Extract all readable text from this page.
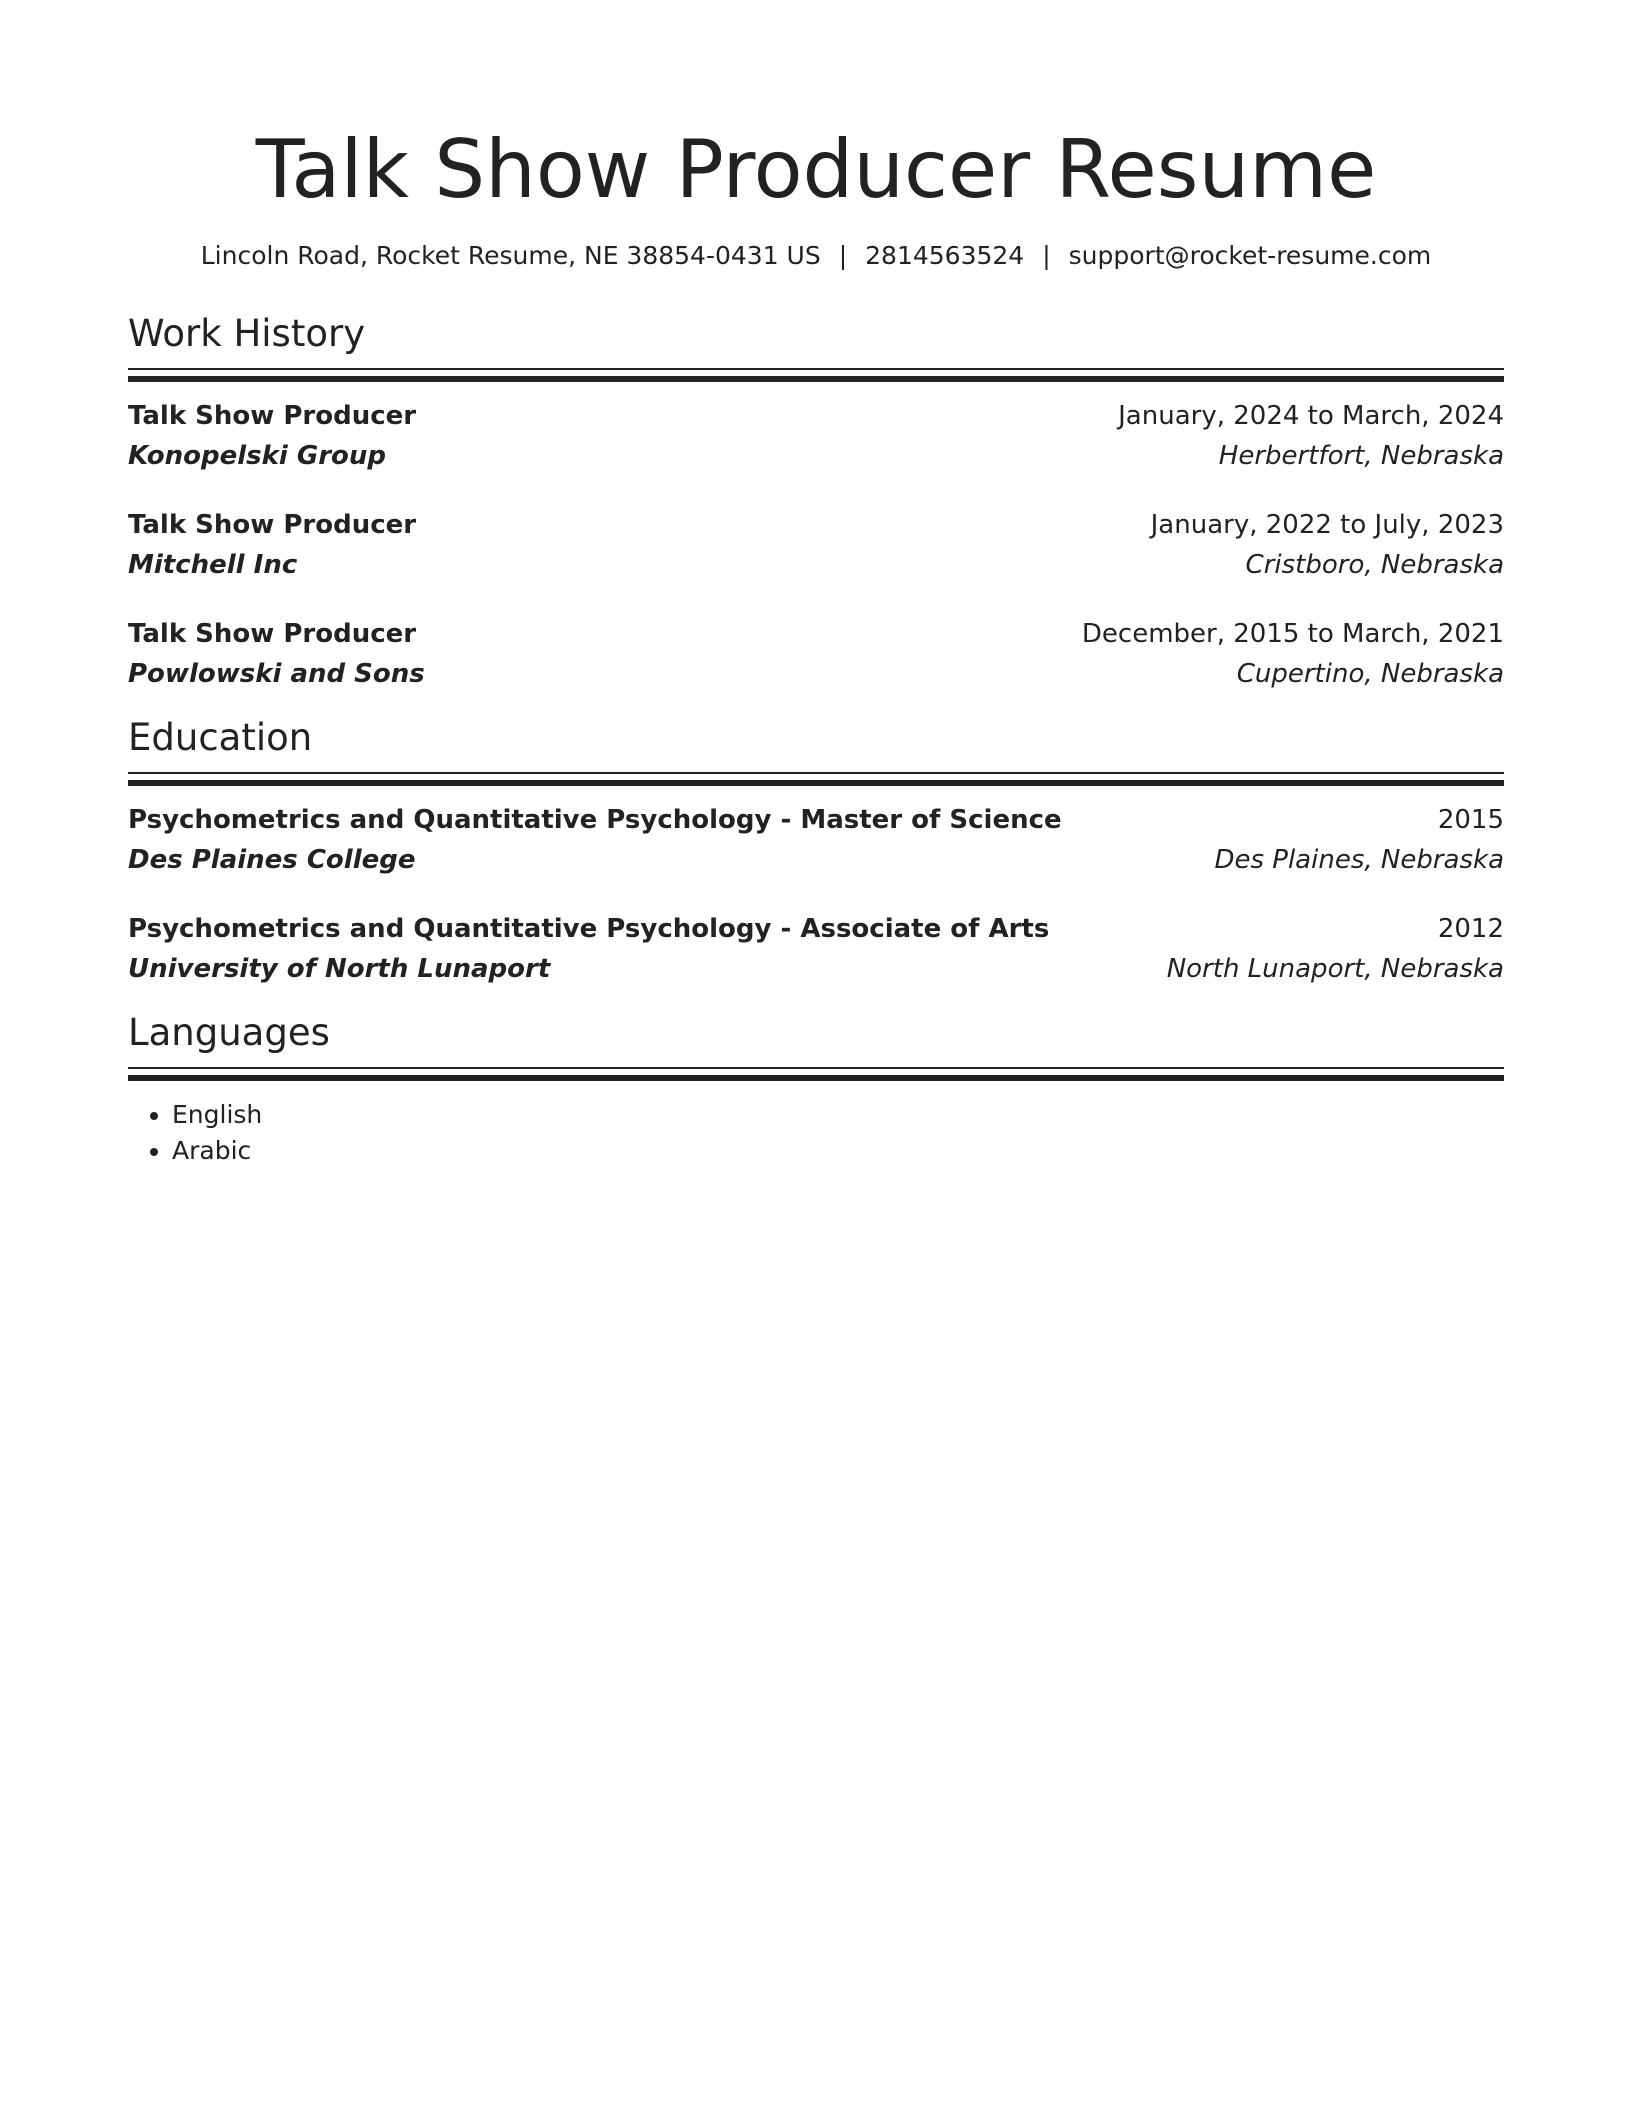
Talk Show Producer Resume
Lincoln Road, Rocket Resume, NE 38854-0431 US | 2814563524 | support@rocket-resume.com
Work History
Talk Show Producer
Konopelski Group
January, 2024 to March, 2024
Herbertfort, Nebraska
Talk Show Producer
Mitchell Inc
January, 2022 to July, 2023
Cristboro, Nebraska
Talk Show Producer
Powlowski and Sons
December, 2015 to March, 2021
Cupertino, Nebraska
Education
Psychometrics and Quantitative Psychology - Master of Science
Des Plaines College
2015
Des Plaines, Nebraska
Psychometrics and Quantitative Psychology - Associate of Arts
University of North Lunaport
2012
North Lunaport, Nebraska
Languages
• English
• Arabic
